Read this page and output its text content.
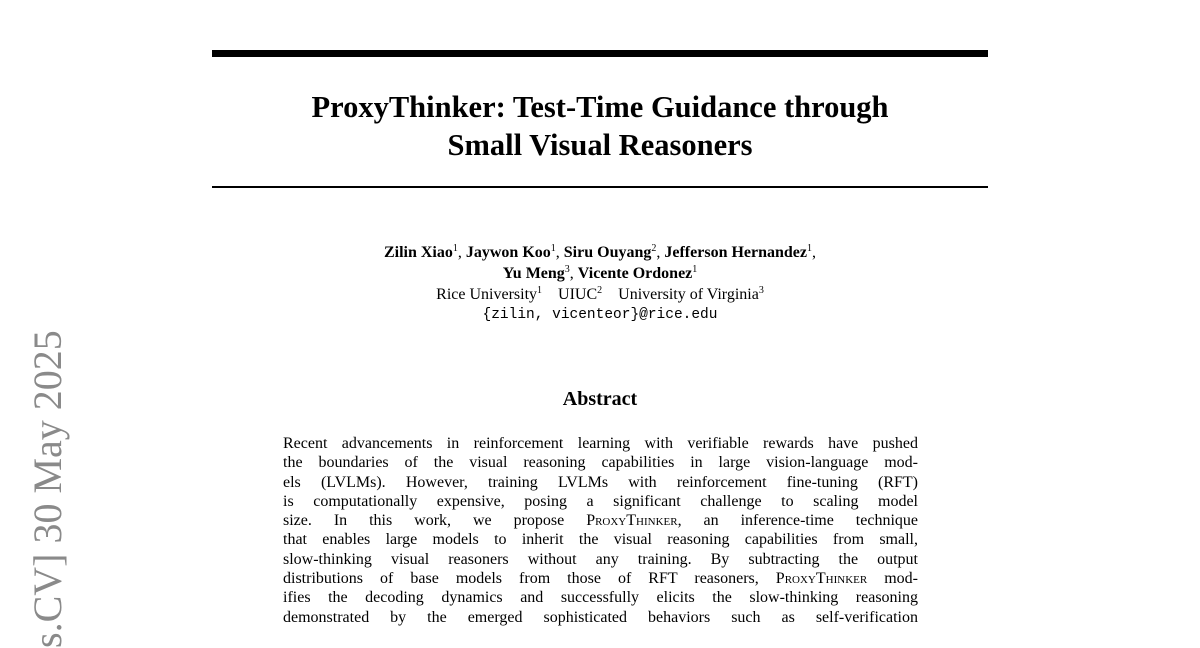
ProxyThinker: Test-Time Guidance through
Small Visual Reasoners
Zilin Xiao$^1$, Jaywon Koo$^1$, Siru Ouyang$^2$, Jefferson Hernandez$^1$,
Yu Meng$^3$, Vicente Ordonez$^1$
Rice University$^1$ UIUC$^2$ University of Virginia$^3$
{zilin, vicenteor}@rice.edu
Abstract
Recent advancements in reinforcement learning with verifiable rewards have pushed
the boundaries of the visual reasoning capabilities in large vision-language mod-
els (LVLMs). However, training LVLMs with reinforcement fine-tuning (RFT)
is computationally expensive, posing a significant challenge to scaling model
size. In this work, we propose ProxyThinker, an inference-time technique
that enables large models to inherit the visual reasoning capabilities from small,
slow-thinking visual reasoners without any training. By subtracting the output
distributions of base models from those of RFT reasoners, ProxyThinker mod-
ifies the decoding dynamics and successfully elicits the slow-thinking reasoning
demonstrated by the emerged sophisticated behaviors such as self-verification
s.CV] 30 May 2025
